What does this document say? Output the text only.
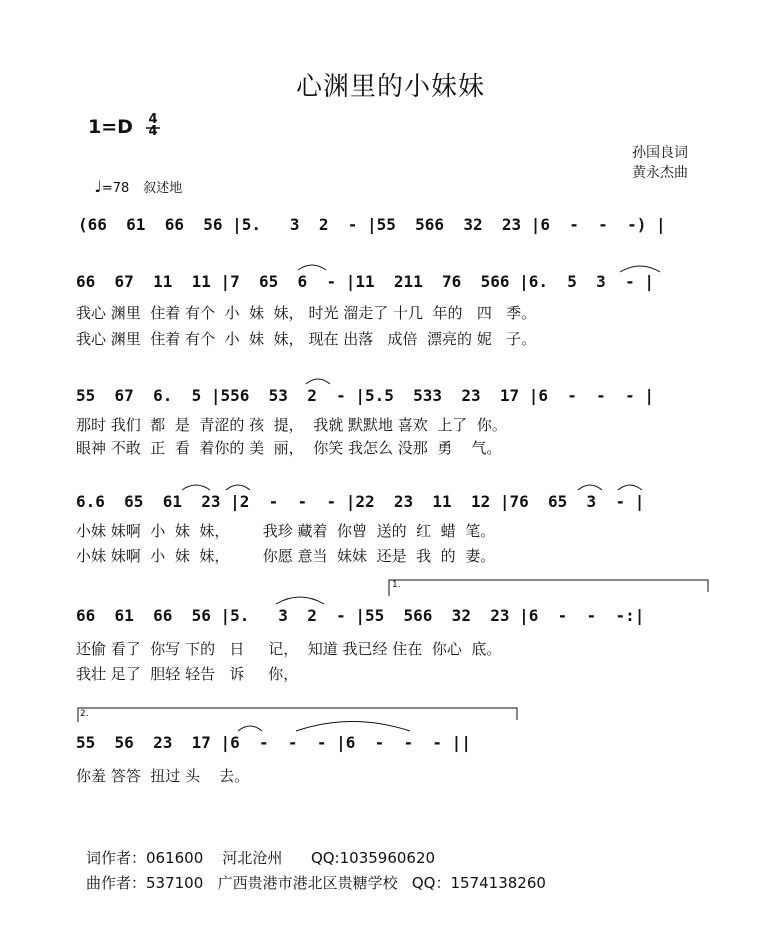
心渊里的小妹妹
1=D 4
4

♩=78 叙述地

孙国良词
黄永杰曲
(66  61  66  56 |5.   3  2  - |55  566  32  23 |6  -  -  -) |
66  67  11  11 |7  65  6  - |11  211  76  566 |6.  5  3  - |
我心 渊里  住着 有个  小  妹  妹， 时光 溜走了 十几  年的   四   季。
我心 渊里  住着 有个  小  妹  妹， 现在 出落   成倍  漂亮的 妮   子。
55  67  6.  5 |556  53  2  - |5.5  533  23  17 |6  -  -  - |
那时 我们  都  是  青涩的 孩  提，  我就 默默地 喜欢  上了  你。
眼神 不敢  正  看  着你的 美  丽，  你笑 我怎么 没那  勇    气。
6.6  65  61  23 |2  -  -  - |22  23  11  12 |76  65  3  - |
小妹 妹啊  小  妹  妹，       我珍 藏着  你曾  送的  红  蜡  笔。
小妹 妹啊  小  妹  妹，       你愿 意当  妹妹  还是  我  的  妻。
1.
66  61  66  56 |5.   3  2  - |55  566  32  23 |6  -  -  -:|
还偷 看了  你写 下的   日     记，  知道 我已经 住在  你心  底。
我壮 足了  胆轻 轻告   诉     你，
2.
55  56  23  17 |6  -  -  - |6  -  -  - ||
你羞 答答  扭过 头    去。
词作者：061600    河北沧州      QQ:1035960620
曲作者：537100   广西贵港市港北区贵糖学校   QQ：1574138260
